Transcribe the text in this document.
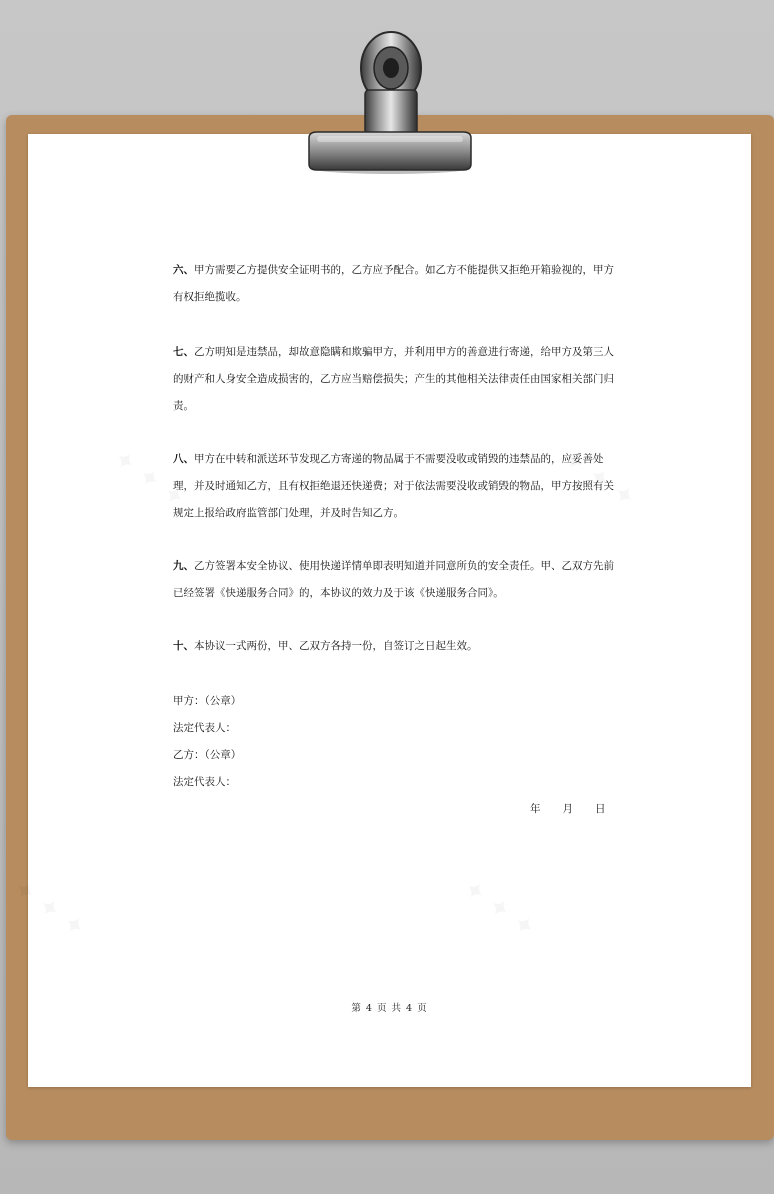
六、甲方需要乙方提供安全证明书的，乙方应予配合。如乙方不能提供又拒绝开箱验视的，甲方有权拒绝揽收。

七、乙方明知是违禁品，却故意隐瞒和欺骗甲方，并利用甲方的善意进行寄递，给甲方及第三人的财产和人身安全造成损害的，乙方应当赔偿损失；产生的其他相关法律责任由国家相关部门归责。

八、甲方在中转和派送环节发现乙方寄递的物品属于不需要没收或销毁的违禁品的，应妥善处理，并及时通知乙方，且有权拒绝退还快递费；对于依法需要没收或销毁的物品，甲方按照有关规定上报给政府监管部门处理，并及时告知乙方。

九、乙方签署本安全协议、使用快递详情单即表明知道并同意所负的安全责任。甲、乙双方先前已经签署《快递服务合同》的，本协议的效力及于该《快递服务合同》。

十、本协议一式两份，甲、乙双方各持一份，自签订之日起生效。

甲方：（公章）

法定代表人：

乙方：（公章）

法定代表人：

年 月 日
第 4 页 共 4 页
